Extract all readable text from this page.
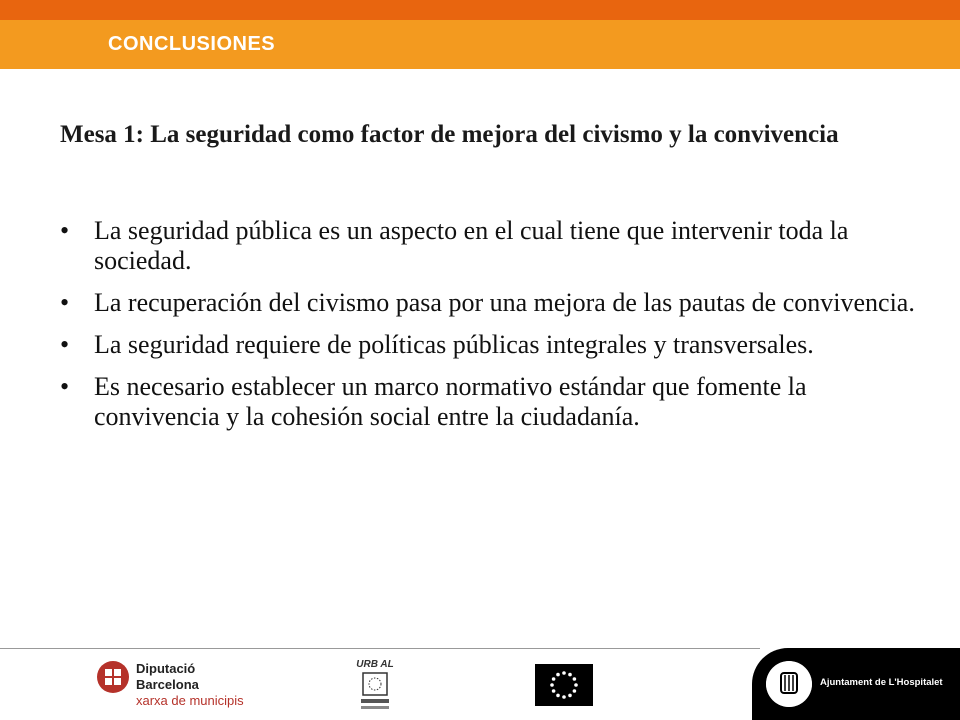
CONCLUSIONES
Mesa 1: La seguridad como factor de mejora del civismo y la convivencia
• La seguridad pública es un aspecto en el cual tiene que intervenir toda la sociedad.
• La recuperación del civismo pasa por una mejora de las pautas de convivencia.
• La seguridad requiere de políticas públicas integrales y transversales.
• Es necesario establecer un marco normativo estándar que fomente la convivencia y la cohesión social entre la ciudadanía.
Diputació
Barcelona
xarxa de municipis
URB AL
Ajuntament de L'Hospitalet
